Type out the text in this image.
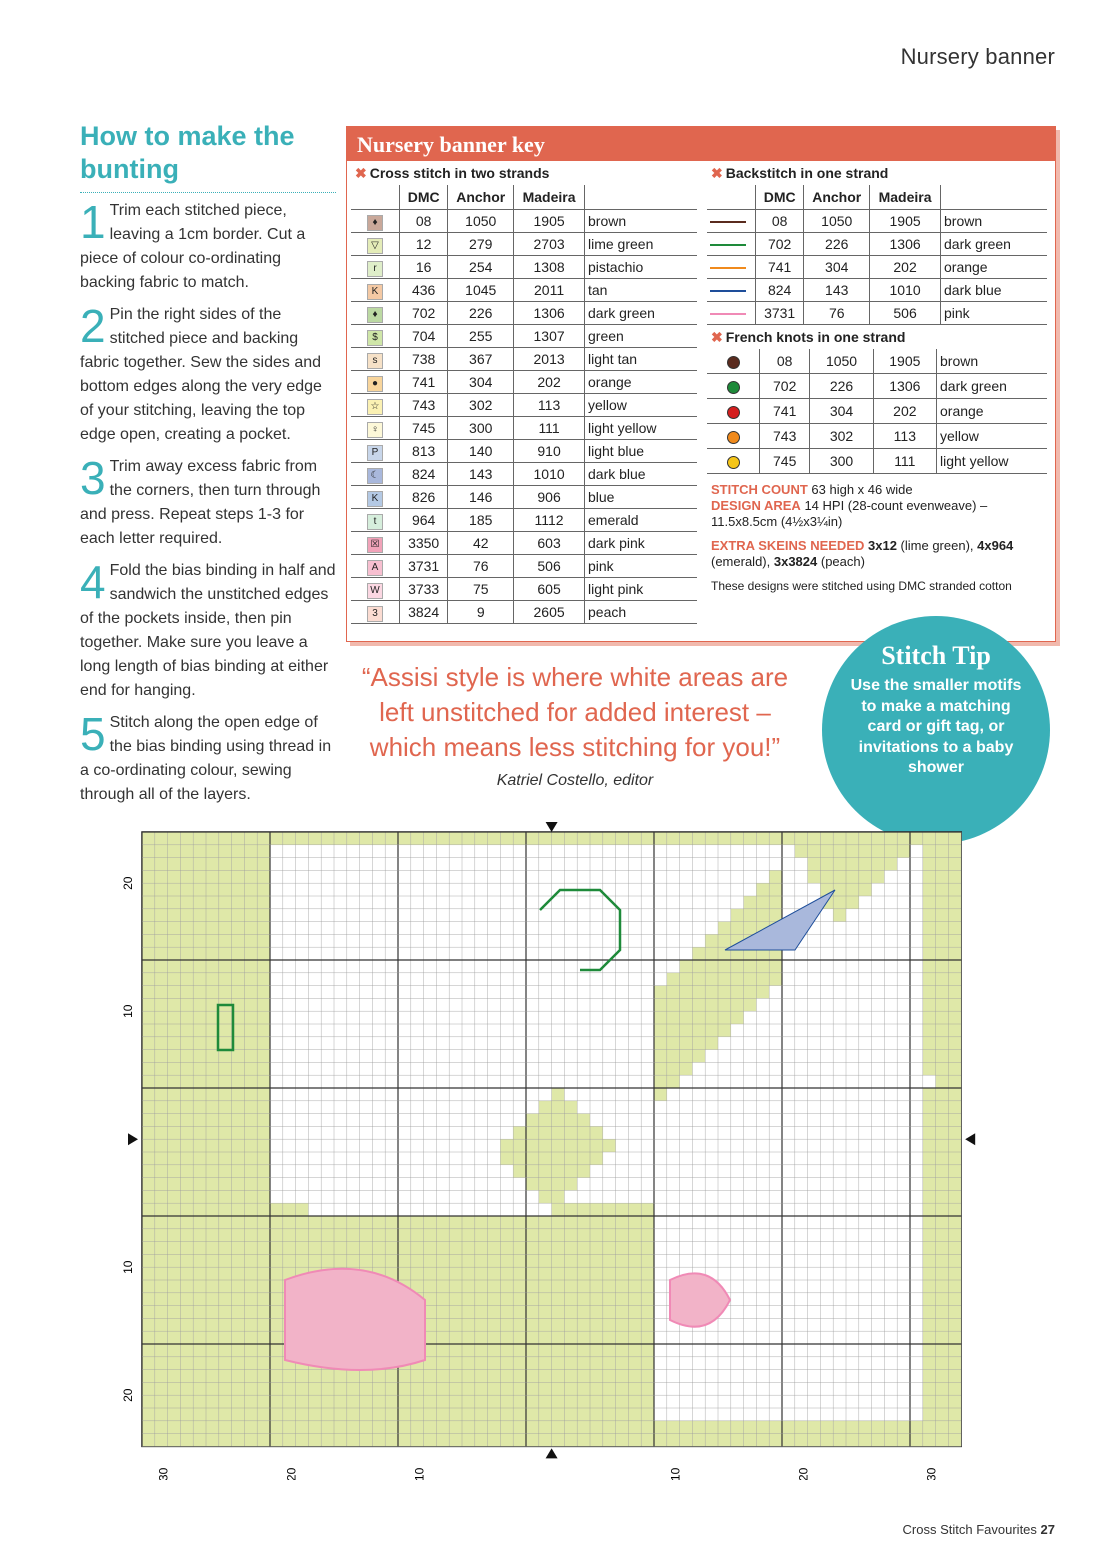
Nursery banner
How to make the bunting
1 Trim each stitched piece, leaving a 1cm border. Cut a piece of colour co-ordinating backing fabric to match.
2 Pin the right sides of the stitched piece and backing fabric together. Sew the sides and bottom edges along the very edge of your stitching, leaving the top edge open, creating a pocket.
3 Trim away excess fabric from the corners, then turn through and press. Repeat steps 1-3 for each letter required.
4 Fold the bias binding in half and sandwich the unstitched edges of the pockets inside, then pin together. Make sure you leave a long length of bias binding at either end for hanging.
5 Stitch along the open edge of the bias binding using thread in a co-ordinating colour, sewing through all of the layers.
Nursery banner key
✖ Cross stitch in two strands
	DMC	Anchor	Madeira	
♦	08	1050	1905	brown
▽	12	279	2703	lime green
r	16	254	1308	pistachio
K	436	1045	2011	tan
♦	702	226	1306	dark green
$	704	255	1307	green
s	738	367	2013	light tan
●	741	304	202	orange
☆	743	302	113	yellow
♀	745	300	111	light yellow
P	813	140	910	light blue
☾	824	143	1010	dark blue
K	826	146	906	blue
t	964	185	1112	emerald
☒	3350	42	603	dark pink
A	3731	76	506	pink
W	3733	75	605	light pink
3	3824	9	2605	peach
✖ Backstitch in one strand
	DMC	Anchor	Madeira	
	08	1050	1905	brown
	702	226	1306	dark green
	741	304	202	orange
	824	143	1010	dark blue
	3731	76	506	pink
✖ French knots in one strand
	08	1050	1905	brown
	702	226	1306	dark green
	741	304	202	orange
	743	302	113	yellow
	745	300	111	light yellow
STITCH COUNT 63 high x 46 wide
DESIGN AREA 14 HPI (28-count evenweave) – 11.5x8.5cm (4½x3¼in)
EXTRA SKEINS NEEDED 3x12 (lime green), 4x964 (emerald), 3x3824 (peach)
These designs were stitched using DMC stranded cotton
“Assisi style is where white areas are left unstitched for added interest – which means less stitching for you!”
Katriel Costello, editor
Stitch Tip
Use the smaller motifs to make a matching card or gift tag, or invitations to a baby shower
20
10
10
20
30	20	10	10	20	30
Cross Stitch Favourites 27
